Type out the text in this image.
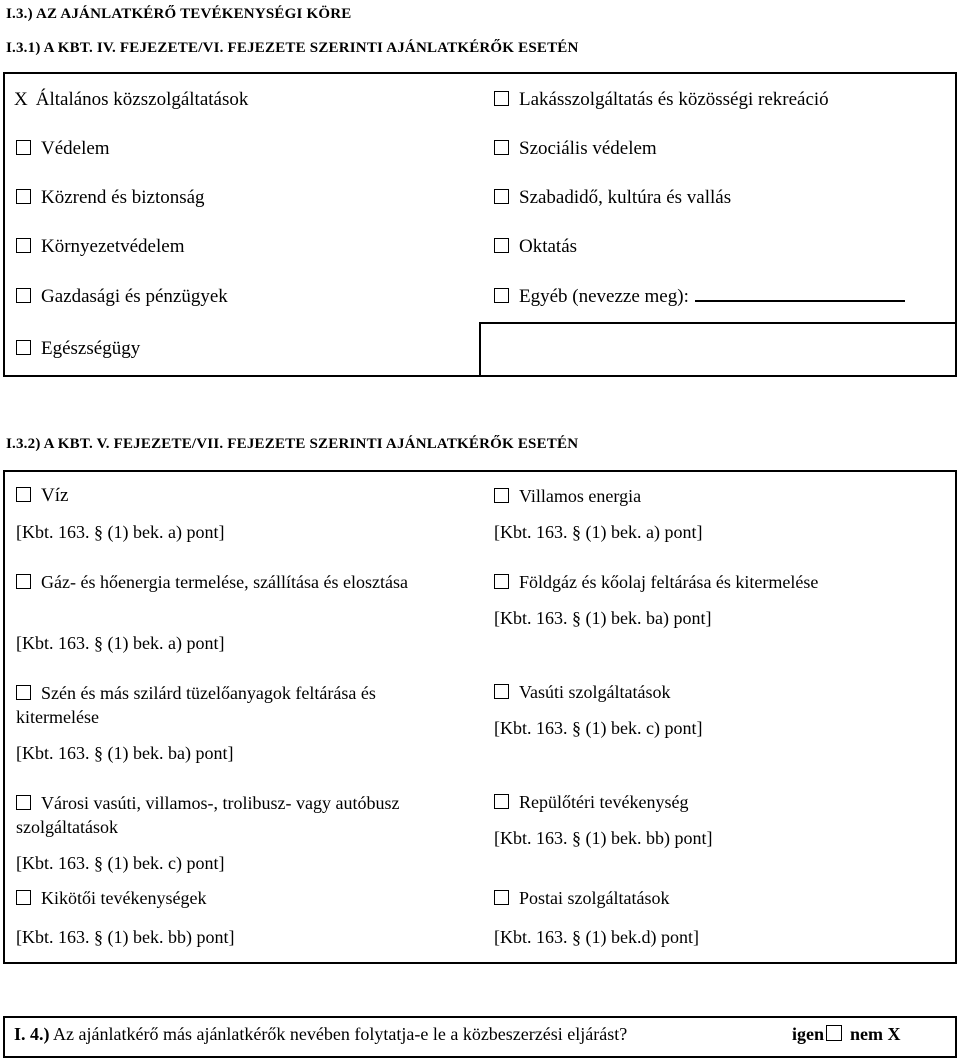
I.3.) AZ AJÁNLATKÉRŐ TEVÉKENYSÉGI KÖRE
I.3.1) A KBT. IV. FEJEZETE/VI. FEJEZETE SZERINTI AJÁNLATKÉRŐK ESETÉN
X Általános közszolgáltatások
Védelem
Közrend és biztonság
Környezetvédelem
Gazdasági és pénzügyek
Egészségügy
Lakásszolgáltatás és közösségi rekreáció
Szociális védelem
Szabadidő, kultúra és vallás
Oktatás
Egyéb (nevezze meg):
I.3.2) A KBT. V. FEJEZETE/VII. FEJEZETE SZERINTI AJÁNLATKÉRŐK ESETÉN
Víz
[Kbt. 163. § (1) bek. a) pont]
Gáz- és hőenergia termelése, szállítása és elosztása
[Kbt. 163. § (1) bek. a) pont]
Szén és más szilárd tüzelőanyagok feltárása és kitermelése
[Kbt. 163. § (1) bek. ba) pont]
Városi vasúti, villamos-, trolibusz- vagy autóbusz szolgáltatások
[Kbt. 163. § (1) bek. c) pont]
Kikötői tevékenységek
[Kbt. 163. § (1) bek. bb) pont]
Villamos energia
[Kbt. 163. § (1) bek. a) pont]
Földgáz és kőolaj feltárása és kitermelése
[Kbt. 163. § (1) bek. ba) pont]
Vasúti szolgáltatások
[Kbt. 163. § (1) bek. c) pont]
Repülőtéri tevékenység
[Kbt. 163. § (1) bek. bb) pont]
Postai szolgáltatások
[Kbt. 163. § (1) bek.d) pont]
I. 4.) Az ajánlatkérő más ajánlatkérők nevében folytatja-e le a közbeszerzési eljárást?	igen nem X
